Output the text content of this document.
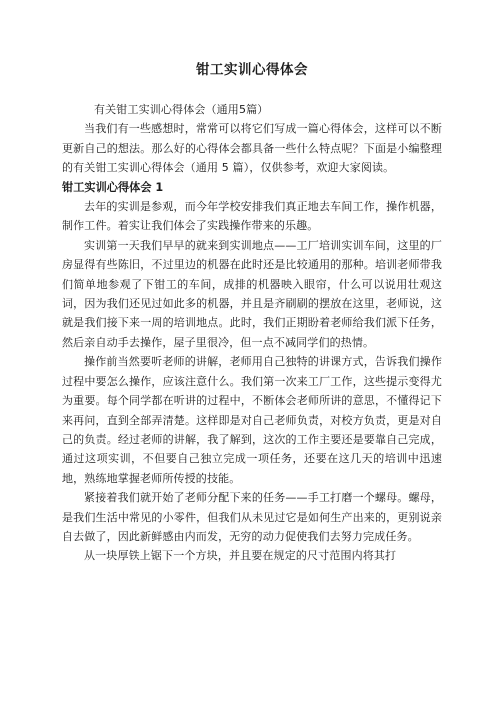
钳工实训心得体会

有关钳工实训心得体会（通用5篇）

当我们有一些感想时，常常可以将它们写成一篇心得体会，这样可以不断更新自己的想法。那么好的心得体会都具备一些什么特点呢？下面是小编整理的有关钳工实训心得体会（通用 5 篇），仅供参考，欢迎大家阅读。

钳工实训心得体会 1

去年的实训是参观，而今年学校安排我们真正地去车间工作，操作机器，制作工件。着实让我们体会了实践操作带来的乐趣。

实训第一天我们早早的就来到实训地点——工厂培训实训车间，这里的厂房显得有些陈旧，不过里边的机器在此时还是比较通用的那种。培训老师带我们简单地参观了下钳工的车间，成排的机器映入眼帘，什么可以说用壮观这词，因为我们还见过如此多的机器，并且是齐刷刷的摆放在这里，老师说，这就是我们接下来一周的培训地点。此时，我们正期盼着老师给我们派下任务，然后亲自动手去操作，屋子里很冷，但一点不减同学们的热情。

操作前当然要听老师的讲解，老师用自己独特的讲课方式，告诉我们操作过程中要怎么操作，应该注意什么。我们第一次来工厂工作，这些提示变得尤为重要。每个同学都在听讲的过程中，不断体会老师所讲的意思，不懂得记下来再问，直到全部弄清楚。这样即是对自己老师负责，对校方负责，更是对自己的负责。经过老师的讲解，我了解到，这次的工作主要还是要靠自己完成，通过这项实训，不但要自己独立完成一项任务，还要在这几天的培训中迅速地，熟练地掌握老师所传授的技能。

紧接着我们就开始了老师分配下来的任务——手工打磨一个螺母。螺母，是我们生活中常见的小零件，但我们从未见过它是如何生产出来的，更别说亲自去做了，因此新鲜感由内而发，无穷的动力促使我们去努力完成任务。

从一块厚铁上锯下一个方块，并且要在规定的尺寸范围内将其打
